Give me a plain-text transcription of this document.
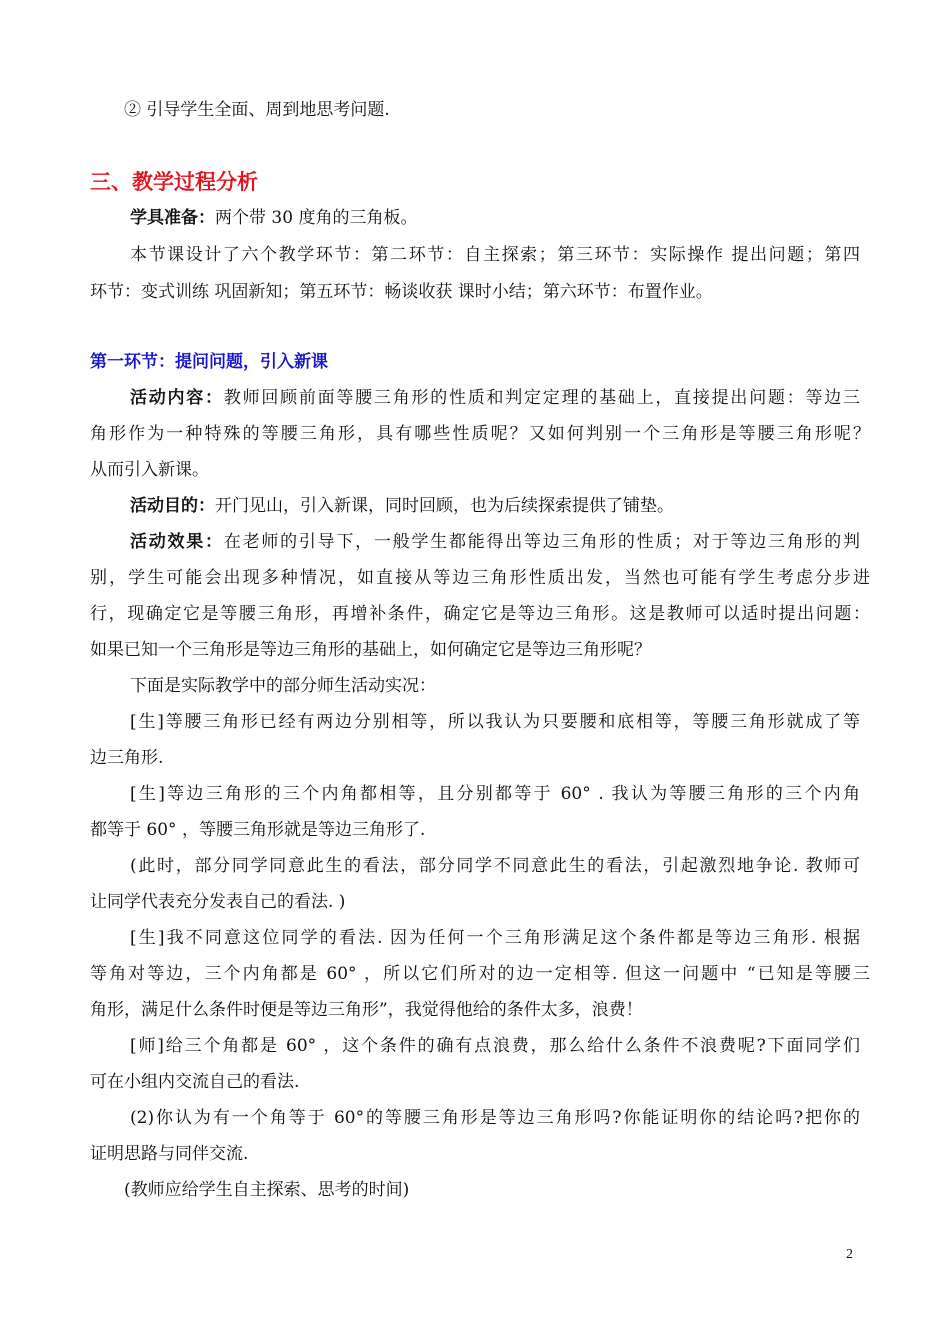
② 引导学生全面、周到地思考问题.
三、教学过程分析
学具准备：两个带 30 度角的三角板。
本节课设计了六个教学环节：第二环节：自主探索；第三环节：实际操作 提出问题；第四
环节：变式训练 巩固新知；第五环节：畅谈收获 课时小结；第六环节：布置作业。
第一环节：提问问题，引入新课
活动内容：教师回顾前面等腰三角形的性质和判定定理的基础上，直接提出问题：等边三
角形作为一种特殊的等腰三角形，具有哪些性质呢？又如何判别一个三角形是等腰三角形呢？
从而引入新课。
活动目的：开门见山，引入新课，同时回顾，也为后续探索提供了铺垫。
活动效果：在老师的引导下，一般学生都能得出等边三角形的性质；对于等边三角形的判
别，学生可能会出现多种情况，如直接从等边三角形性质出发，当然也可能有学生考虑分步进
行，现确定它是等腰三角形，再增补条件，确定它是等边三角形。这是教师可以适时提出问题：
如果已知一个三角形是等边三角形的基础上，如何确定它是等边三角形呢？
下面是实际教学中的部分师生活动实况：
[生]等腰三角形已经有两边分别相等，所以我认为只要腰和底相等，等腰三角形就成了等
边三角形.
[生]等边三角形的三个内角都相等，且分别都等于 60° . 我认为等腰三角形的三个内角
都等于 60° ，等腰三角形就是等边三角形了.
(此时，部分同学同意此生的看法，部分同学不同意此生的看法，引起激烈地争论. 教师可
让同学代表充分发表自己的看法. )
[生]我不同意这位同学的看法. 因为任何一个三角形满足这个条件都是等边三角形. 根据
等角对等边，三个内角都是 60° ，所以它们所对的边一定相等. 但这一问题中 “已知是等腰三
角形，满足什么条件时便是等边三角形”，我觉得他给的条件太多，浪费！
[师]给三个角都是 60° ，这个条件的确有点浪费，那么给什么条件不浪费呢?下面同学们
可在小组内交流自己的看法.
(2)你认为有一个角等于 60°的等腰三角形是等边三角形吗?你能证明你的结论吗?把你的
证明思路与同伴交流.
(教师应给学生自主探索、思考的时间)
2
